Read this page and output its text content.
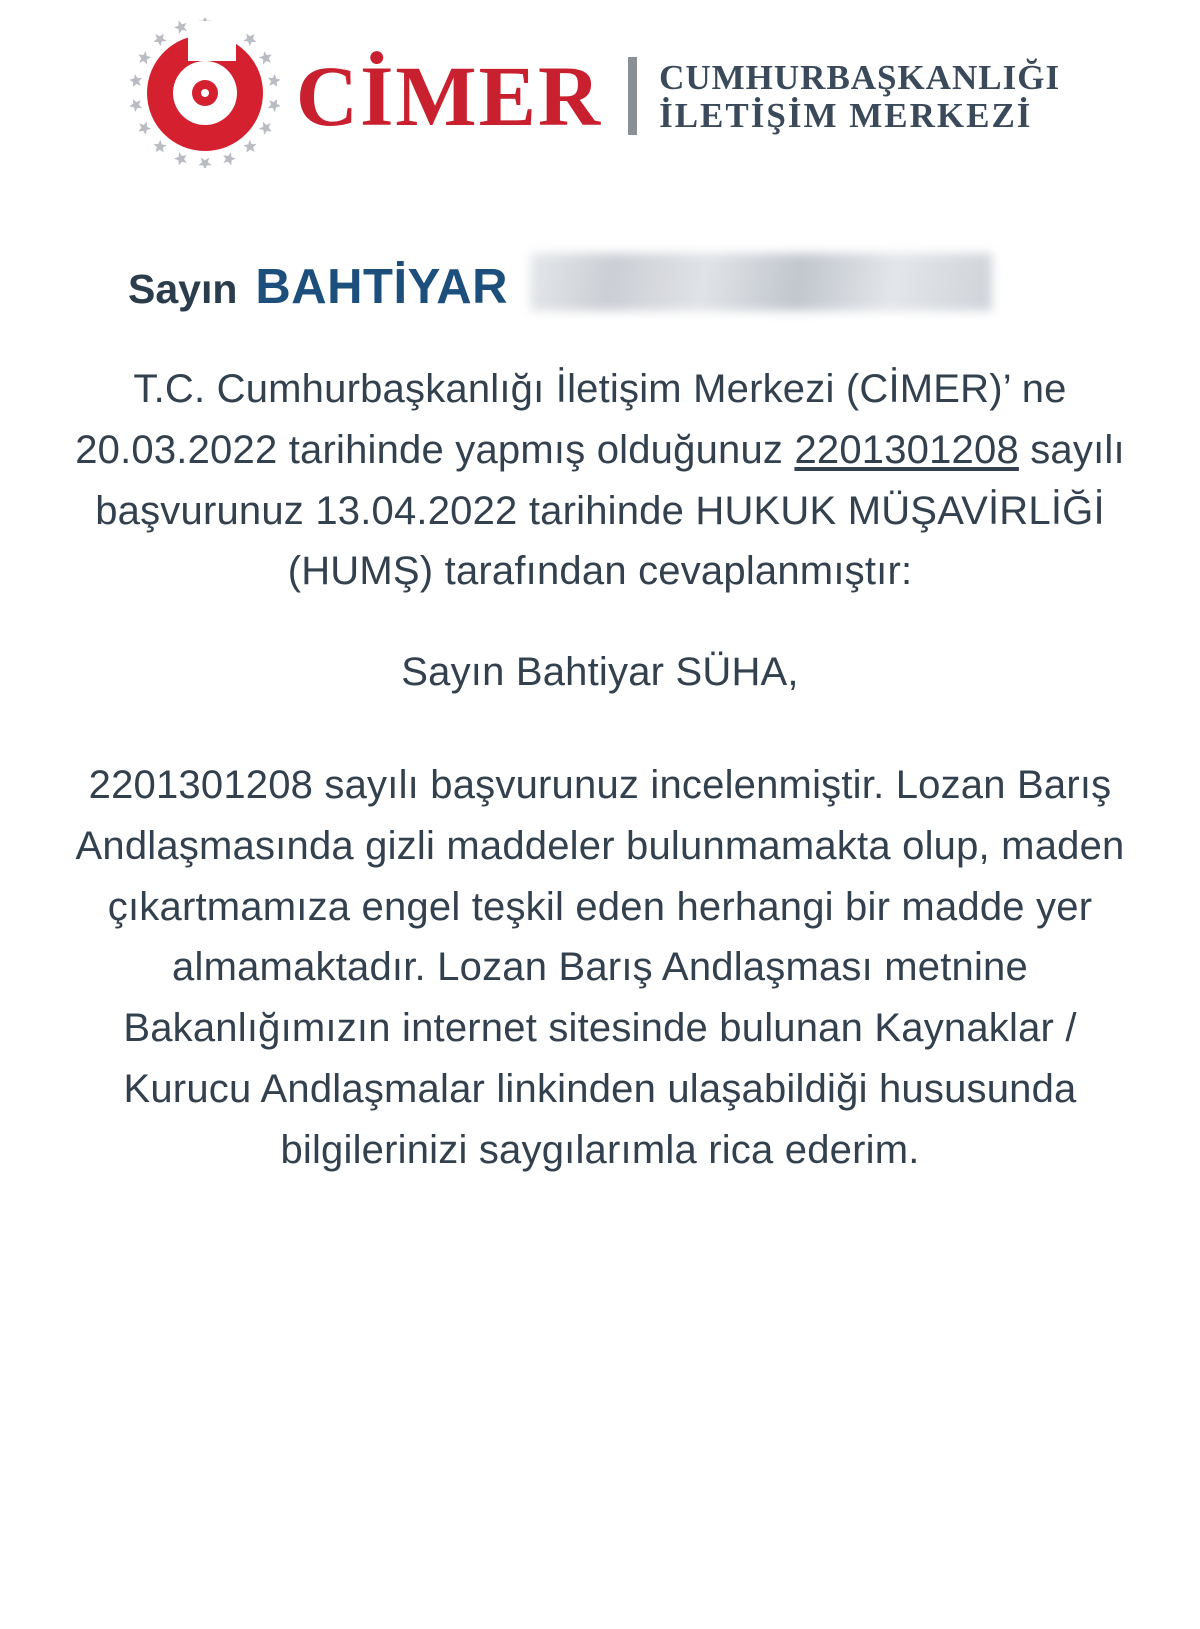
CİMER CUMHURBAŞKANLIĞI
İLETİŞİM MERKEZİ
Sayın BAHTİYAR

T.C. Cumhurbaşkanlığı İletişim Merkezi (CİMER)’ ne 20.03.2022 tarihinde yapmış olduğunuz 2201301208 sayılı başvurunuz 13.04.2022 tarihinde HUKUK MÜŞAVİRLİĞİ (HUMŞ) tarafından cevaplanmıştır:

Sayın Bahtiyar SÜHA,

2201301208 sayılı başvurunuz incelenmiştir. Lozan Barış Andlaşmasında gizli maddeler bulunmamakta olup, maden çıkartmamıza engel teşkil eden herhangi bir madde yer almamaktadır. Lozan Barış Andlaşması metnine Bakanlığımızın internet sitesinde bulunan Kaynaklar / Kurucu Andlaşmalar linkinden ulaşabildiği hususunda bilgilerinizi saygılarımla rica ederim.
